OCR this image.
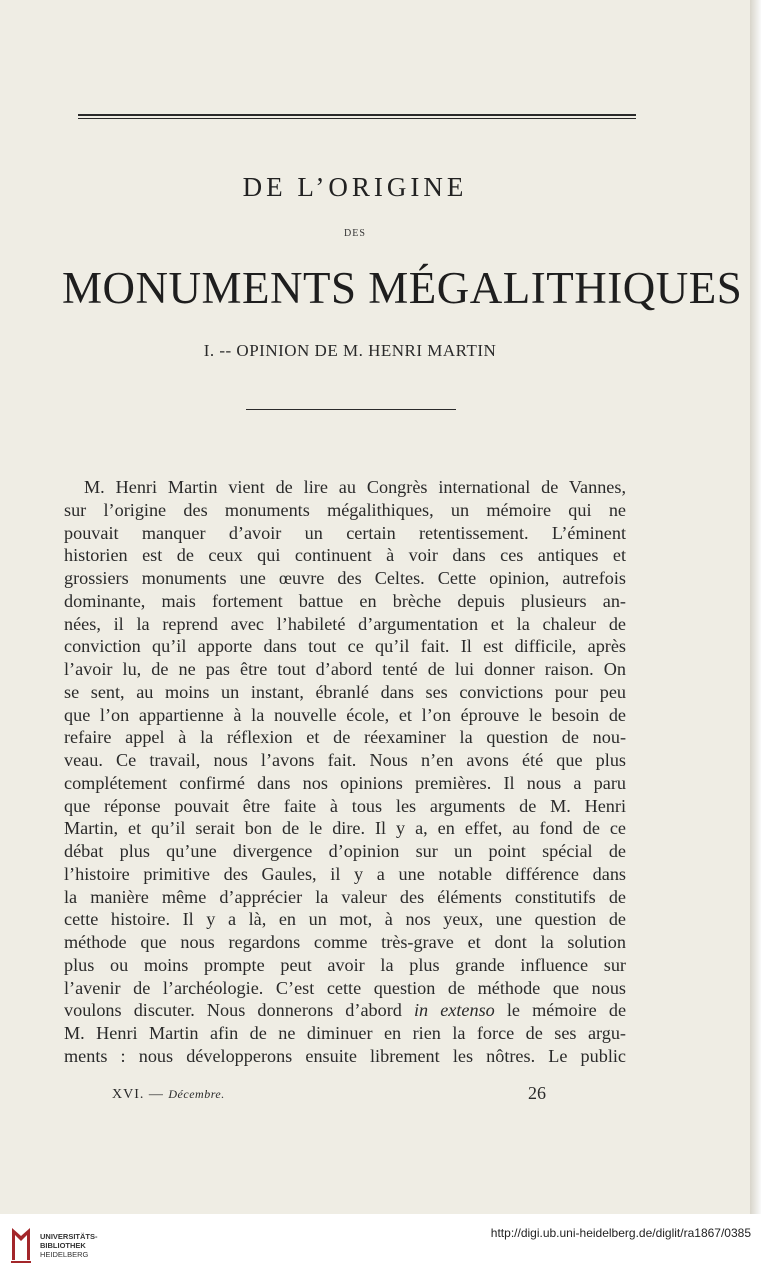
DE L’ORIGINE
DES
MONUMENTS MÉGALITHIQUES
I. -- OPINION DE M. HENRI MARTIN
M. Henri Martin vient de lire au Congrès international de Vannes,
sur l’origine des monuments mégalithiques, un mémoire qui ne
pouvait manquer d’avoir un certain retentissement. L’éminent
historien est de ceux qui continuent à voir dans ces antiques et
grossiers monuments une œuvre des Celtes. Cette opinion, autrefois
dominante, mais fortement battue en brèche depuis plusieurs an-
nées, il la reprend avec l’habileté d’argumentation et la chaleur de
conviction qu’il apporte dans tout ce qu’il fait. Il est difficile, après
l’avoir lu, de ne pas être tout d’abord tenté de lui donner raison. On
se sent, au moins un instant, ébranlé dans ses convictions pour peu
que l’on appartienne à la nouvelle école, et l’on éprouve le besoin de
refaire appel à la réflexion et de réexaminer la question de nou-
veau. Ce travail, nous l’avons fait. Nous n’en avons été que plus
complétement confirmé dans nos opinions premières. Il nous a paru
que réponse pouvait être faite à tous les arguments de M. Henri
Martin, et qu’il serait bon de le dire. Il y a, en effet, au fond de ce
débat plus qu’une divergence d’opinion sur un point spécial de
l’histoire primitive des Gaules, il y a une notable différence dans
la manière même d’apprécier la valeur des éléments constitutifs de
cette histoire. Il y a là, en un mot, à nos yeux, une question de
méthode que nous regardons comme très-grave et dont la solution
plus ou moins prompte peut avoir la plus grande influence sur
l’avenir de l’archéologie. C’est cette question de méthode que nous
voulons discuter. Nous donnerons d’abord in extenso le mémoire de
M. Henri Martin afin de ne diminuer en rien la force de ses argu-
ments : nous développerons ensuite librement les nôtres. Le public
XVI. — Décembre.	26
UNIVERSITÄTS-
BIBLIOTHEK
HEIDELBERG
http://digi.ub.uni-heidelberg.de/diglit/ra1867/0385
